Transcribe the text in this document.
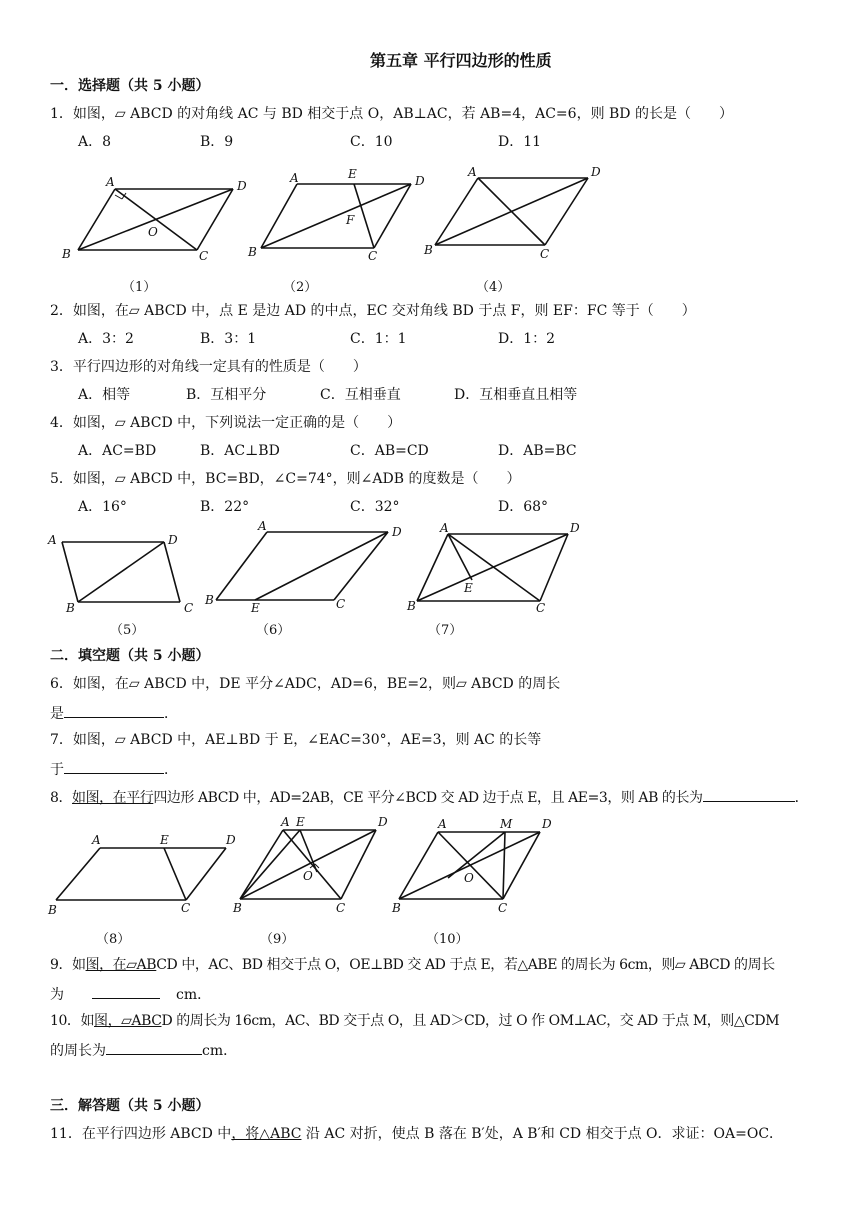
第五章 平行四边形的性质
一．选择题（共 5 小题）
1．如图，▱ ABCD 的对角线 AC 与 BD 相交于点 O，AB⊥AC，若 AB=4，AC=6，则 BD 的长是（　　）
A．8	B．9	C．10	D．11
A	D
B	C
O
A	E	D
B	C
F
A	D
B	C
（1）	（2）	（4）
2．如图，在▱ ABCD 中，点 E 是边 AD 的中点，EC 交对角线 BD 于点 F，则 EF：FC 等于（　　）
A．3：2	B．3：1	C．1：1	D．1：2
3．平行四边形的对角线一定具有的性质是（　　）
A．相等	B．互相平分	C．互相垂直	D．互相垂直且相等
4．如图，▱ ABCD 中，下列说法一定正确的是（　　）
A．AC=BD	B．AC⊥BD	C．AB=CD	D．AB=BC
5．如图，▱ ABCD 中，BC=BD，∠C=74°，则∠ADB 的度数是（　　）
A．16°	B．22°	C．32°	D．68°
A	D
B	C
A	D
B
E	C
A	D
B	C
E
（5）	（6）	（7）
二．填空题（共 5 小题）
6．如图，在▱ ABCD 中，DE 平分∠ADC，AD=6，BE=2，则▱ ABCD 的周长
是	．
7．如图，▱ ABCD 中，AE⊥BD 于 E，∠EAC=30°，AE=3，则 AC 的长等
于	．
8．如图，在平行四边形 ABCD 中，AD=2AB，CE 平分∠BCD 交 AD 边于点 E，且 AE=3，则 AB 的长为	．
A	E	D
B	C
A E	D
B	C
O
A	M D
B	C
O
（8）	（9）	（10）
9．如图，在▱ABCD 中，AC、BD 相交于点 O，OE⊥BD 交 AD 于点 E，若△ABE 的周长为 6cm，则▱ ABCD 的周长
为	cm．
10．如图，▱ABCD 的周长为 16cm，AC、BD 交于点 O，且 AD＞CD，过 O 作 OM⊥AC，交 AD 于点 M，则△CDM
的周长为	cm．
三．解答题（共 5 小题）
11．在平行四边形 ABCD 中，将△ABC 沿 AC 对折，使点 B 落在 B′处，A B′和 CD 相交于点 O．求证：OA=OC．
